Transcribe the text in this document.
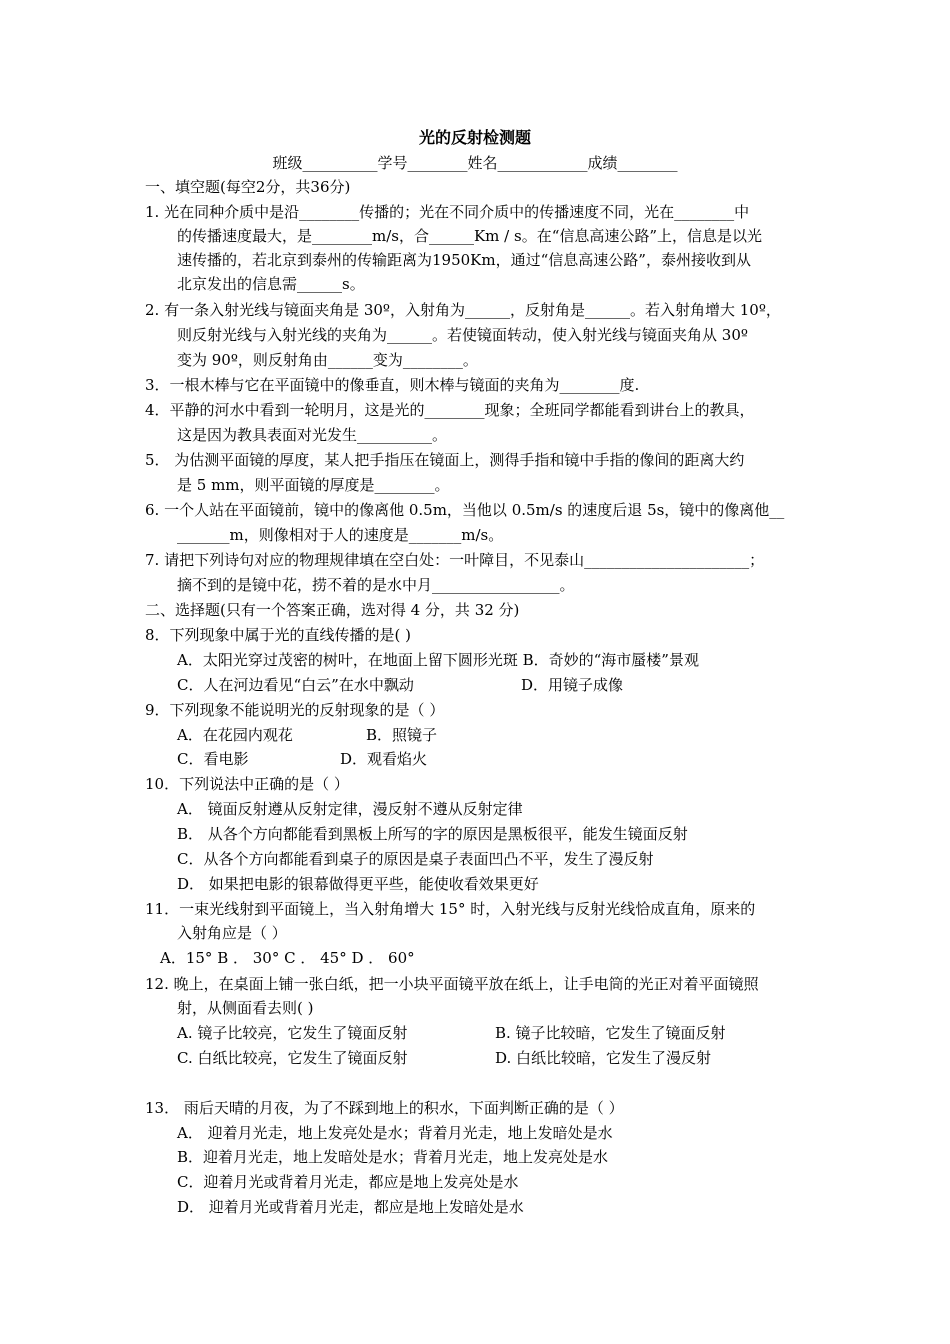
光的反射检测题
班级__________学号________姓名____________成绩________
一、填空题(每空2分，共36分)
1. 光在同种介质中是沿________传播的；光在不同介质中的传播速度不同，光在________中
的传播速度最大，是________m/s，合______Km / s。在“信息高速公路”上，信息是以光
速传播的，若北京到泰州的传输距离为1950Km，通过“信息高速公路”，泰州接收到从
北京发出的信息需______s。
2. 有一条入射光线与镜面夹角是 30º，入射角为______，反射角是______。若入射角增大 10º，
则反射光线与入射光线的夹角为______。若使镜面转动，使入射光线与镜面夹角从 30º
变为 90º，则反射角由______变为________。
3．一根木棒与它在平面镜中的像垂直，则木棒与镜面的夹角为________度.
4．平静的河水中看到一轮明月，这是光的________现象；全班同学都能看到讲台上的教具，
这是因为教具表面对光发生__________。
5． 为估测平面镜的厚度，某人把手指压在镜面上，测得手指和镜中手指的像间的距离大约
是 5 mm，则平面镜的厚度是________。
6. 一个人站在平面镜前，镜中的像离他 0.5m，当他以 0.5m/s 的速度后退 5s，镜中的像离他__
_______m，则像相对于人的速度是_______m/s。
7. 请把下列诗句对应的物理规律填在空白处：一叶障目，不见泰山______________________；
摘不到的是镜中花，捞不着的是水中月_________________。
二、选择题(只有一个答案正确，选对得 4 分，共 32 分)
8．下列现象中属于光的直线传播的是( )
A．太阳光穿过茂密的树叶，在地面上留下圆形光斑 B．奇妙的“海市蜃楼”景观
C．人在河边看见“白云”在水中飘动	D．用镜子成像
9．下列现象不能说明光的反射现象的是（ ）
A．在花园内观花	B．照镜子
C．看电影	D．观看焰火
10．下列说法中正确的是（ ）
A． 镜面反射遵从反射定律，漫反射不遵从反射定律
B． 从各个方向都能看到黑板上所写的字的原因是黑板很平，能发生镜面反射
C．从各个方向都能看到桌子的原因是桌子表面凹凸不平，发生了漫反射
D． 如果把电影的银幕做得更平些，能使收看效果更好
11．一束光线射到平面镜上，当入射角增大 15° 时，入射光线与反射光线恰成直角，原来的
入射角应是（ ）
A．15° B ． 30° C ． 45° D ． 60°
12. 晚上，在桌面上铺一张白纸，把一小块平面镜平放在纸上，让手电筒的光正对着平面镜照
射，从侧面看去则( )
A. 镜子比较亮，它发生了镜面反射	B. 镜子比较暗，它发生了镜面反射
C. 白纸比较亮，它发生了镜面反射	D. 白纸比较暗，它发生了漫反射
13． 雨后天晴的月夜，为了不踩到地上的积水，下面判断正确的是（ ）
A． 迎着月光走，地上发亮处是水；背着月光走，地上发暗处是水
B．迎着月光走，地上发暗处是水；背着月光走，地上发亮处是水
C．迎着月光或背着月光走，都应是地上发亮处是水
D． 迎着月光或背着月光走，都应是地上发暗处是水
